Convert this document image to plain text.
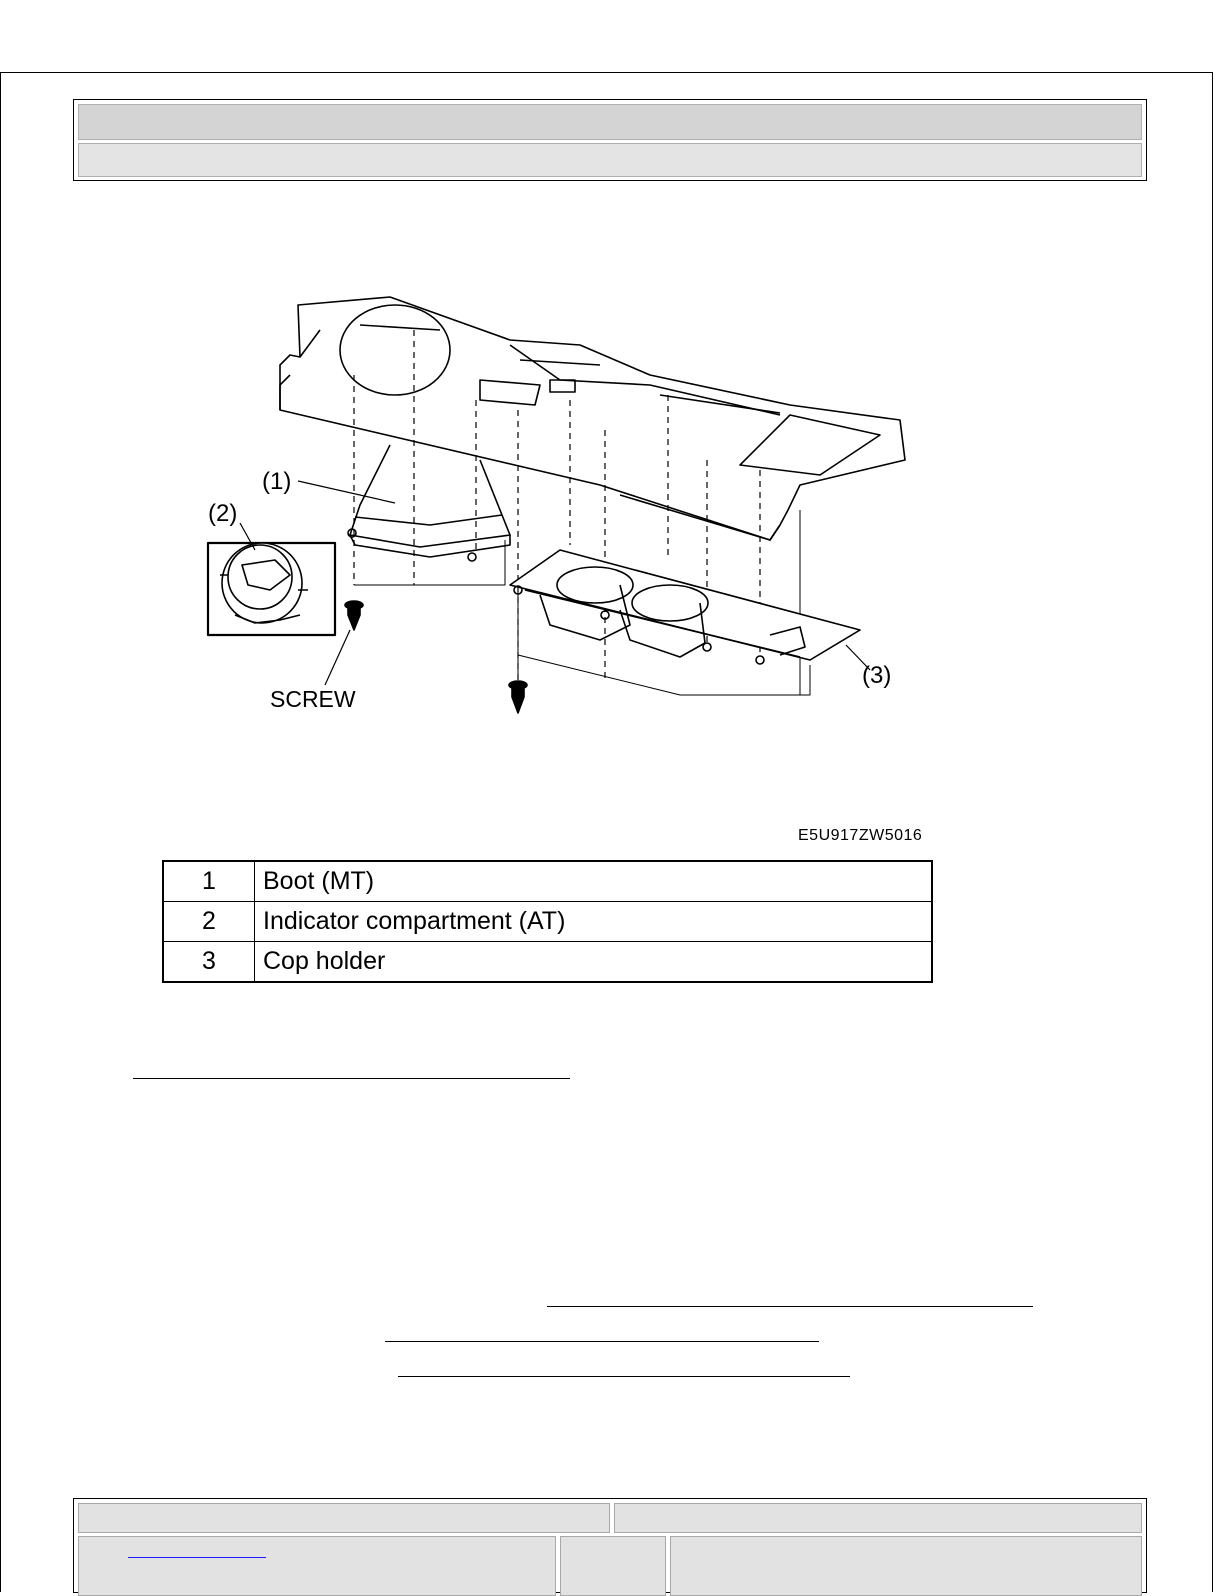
(1)
(2)
(3)
SCREW
E5U917ZW5016
1	Boot (MT)
2	Indicator compartment (AT)
3	Cop holder
